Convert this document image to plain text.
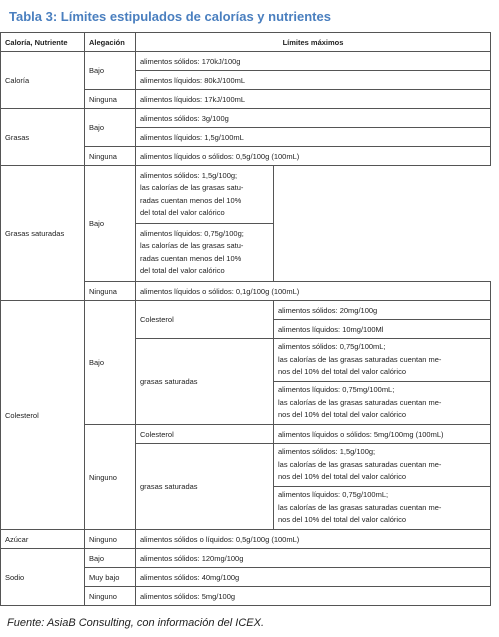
Tabla 3: Límites estipulados de calorías y nutrientes
Caloría, Nutriente	Alegación	Límites máximos	
Caloría	Bajo	alimentos sólidos: 170kJ/100g	
		alimentos líquidos: 80kJ/100mL	
	Ninguna	alimentos líquidos: 17kJ/100mL	
Grasas	Bajo	alimentos sólidos: 3g/100g	
		alimentos líquidos: 1,5g/100mL	
	Ninguna	alimentos líquidos o sólidos: 0,5g/100g (100mL)	
Grasas saturadas	Bajo	alimentos sólidos: 1,5g/100g;
las calorías de las grasas satu-
radas cuentan menos del 10%
del total del valor calórico	

		alimentos líquidos: 0,75g/100g;
las calorías de las grasas satu-
radas cuentan menos del 10%
del total del valor calórico	

	Ninguna	alimentos líquidos o sólidos: 0,1g/100g (100mL)	
Colesterol	Bajo	Colesterol	alimentos sólidos: 20mg/100g
			alimentos líquidos: 10mg/100Ml
		grasas saturadas	alimentos sólidos: 0,75g/100mL;
las calorías de las grasas saturadas cuentan me-
nos del 10% del total del valor calórico

			alimentos líquidos: 0,75mg/100mL;
las calorías de las grasas saturadas cuentan me-
nos del 10% del total del valor calórico

	Ninguno	Colesterol	alimentos líquidos o sólidos: 5mg/100mg (100mL)
		grasas saturadas	alimentos sólidos: 1,5g/100g;
las calorías de las grasas saturadas cuentan me-
nos del 10% del total del valor calórico

			alimentos líquidos: 0,75g/100mL;
las calorías de las grasas saturadas cuentan me-
nos del 10% del total del valor calórico

Azúcar	Ninguno	alimentos sólidos o líquidos: 0,5g/100g (100mL)	
Sodio	Bajo	alimentos sólidos: 120mg/100g	
	Muy bajo	alimentos sólidos: 40mg/100g	
	Ninguno	alimentos sólidos: 5mg/100g	
Fuente: AsiaB Consulting, con información del ICEX.
